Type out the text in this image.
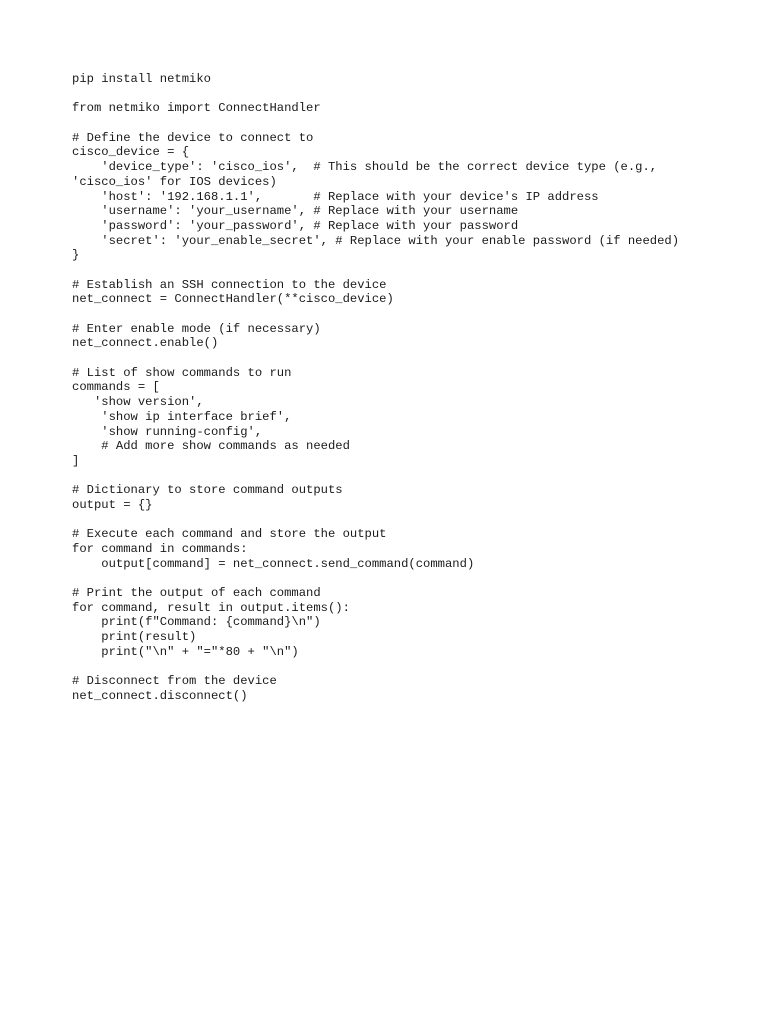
pip install netmiko
from netmiko import ConnectHandler
# Define the device to connect to
cisco_device = {
'device_type': 'cisco_ios',  # This should be the correct device type (e.g.,
'cisco_ios' for IOS devices)
'host': '192.168.1.1',       # Replace with your device's IP address
'username': 'your_username', # Replace with your username
'password': 'your_password', # Replace with your password
'secret': 'your_enable_secret', # Replace with your enable password (if needed)
}
# Establish an SSH connection to the device
net_connect = ConnectHandler(**cisco_device)
# Enter enable mode (if necessary)
net_connect.enable()
# List of show commands to run
commands = [
'show version',
'show ip interface brief',
'show running-config',
# Add more show commands as needed
]
# Dictionary to store command outputs
output = {}
# Execute each command and store the output
for command in commands:
output[command] = net_connect.send_command(command)
# Print the output of each command
for command, result in output.items():
print(f"Command: {command}\n")
print(result)
print("\n" + "="*80 + "\n")
# Disconnect from the device
net_connect.disconnect()
